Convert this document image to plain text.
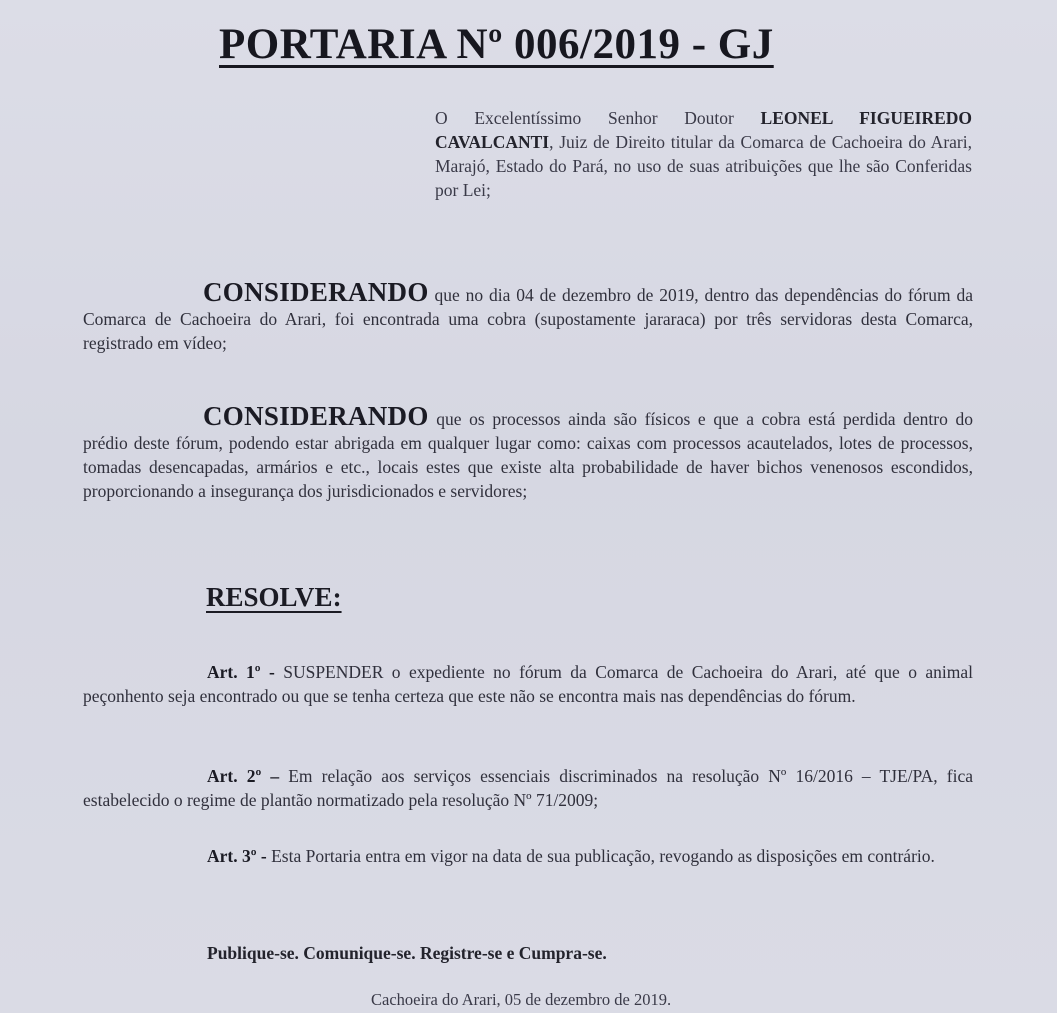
PORTARIA Nº 006/2019 - GJ
O Excelentíssimo Senhor Doutor LEONEL FIGUEIREDO CAVALCANTI, Juiz de Direito titular da Comarca de Cachoeira do Arari, Marajó, Estado do Pará, no uso de suas atribuições que lhe são Conferidas por Lei;
CONSIDERANDO que no dia 04 de dezembro de 2019, dentro das dependências do fórum da Comarca de Cachoeira do Arari, foi encontrada uma cobra (supostamente jararaca) por três servidoras desta Comarca, registrado em vídeo;
CONSIDERANDO que os processos ainda são físicos e que a cobra está perdida dentro do prédio deste fórum, podendo estar abrigada em qualquer lugar como: caixas com processos acautelados, lotes de processos, tomadas desencapadas, armários e etc., locais estes que existe alta probabilidade de haver bichos venenosos escondidos, proporcionando a insegurança dos jurisdicionados e servidores;
RESOLVE:
Art. 1º - SUSPENDER o expediente no fórum da Comarca de Cachoeira do Arari, até que o animal peçonhento seja encontrado ou que se tenha certeza que este não se encontra mais nas dependências do fórum.
Art. 2º – Em relação aos serviços essenciais discriminados na resolução Nº 16/2016 – TJE/PA, fica estabelecido o regime de plantão normatizado pela resolução Nº 71/2009;
Art. 3º - Esta Portaria entra em vigor na data de sua publicação, revogando as disposições em contrário.
Publique-se. Comunique-se. Registre-se e Cumpra-se.
Cachoeira do Arari, 05 de dezembro de 2019.
